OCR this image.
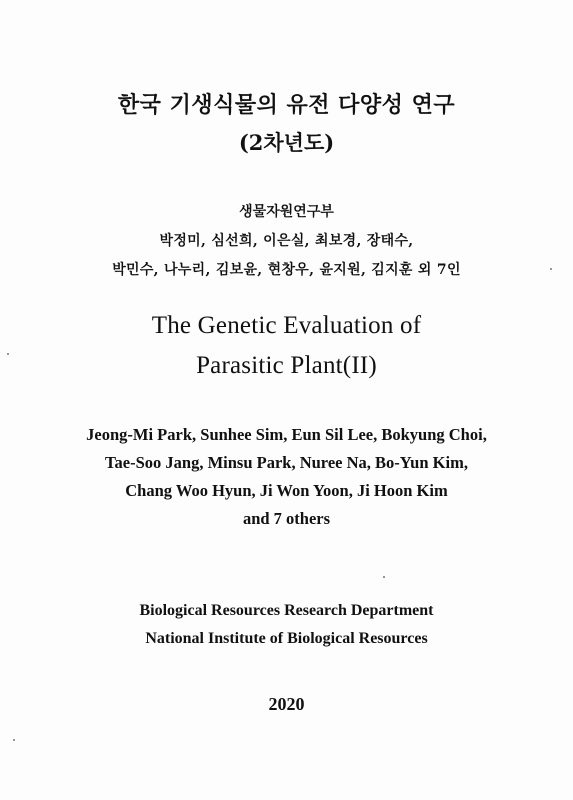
한국 기생식물의 유전 다양성 연구
(2차년도)
생물자원연구부
박정미, 심선희, 이은실, 최보경, 장태수,
박민수, 나누리, 김보윤, 현창우, 윤지원, 김지훈 외 7인
The Genetic Evaluation of
Parasitic Plant(II)
Jeong-Mi Park, Sunhee Sim, Eun Sil Lee, Bokyung Choi,
Tae-Soo Jang, Minsu Park, Nuree Na, Bo-Yun Kim,
Chang Woo Hyun, Ji Won Yoon, Ji Hoon Kim
and 7 others
Biological Resources Research Department
National Institute of Biological Resources
2020
